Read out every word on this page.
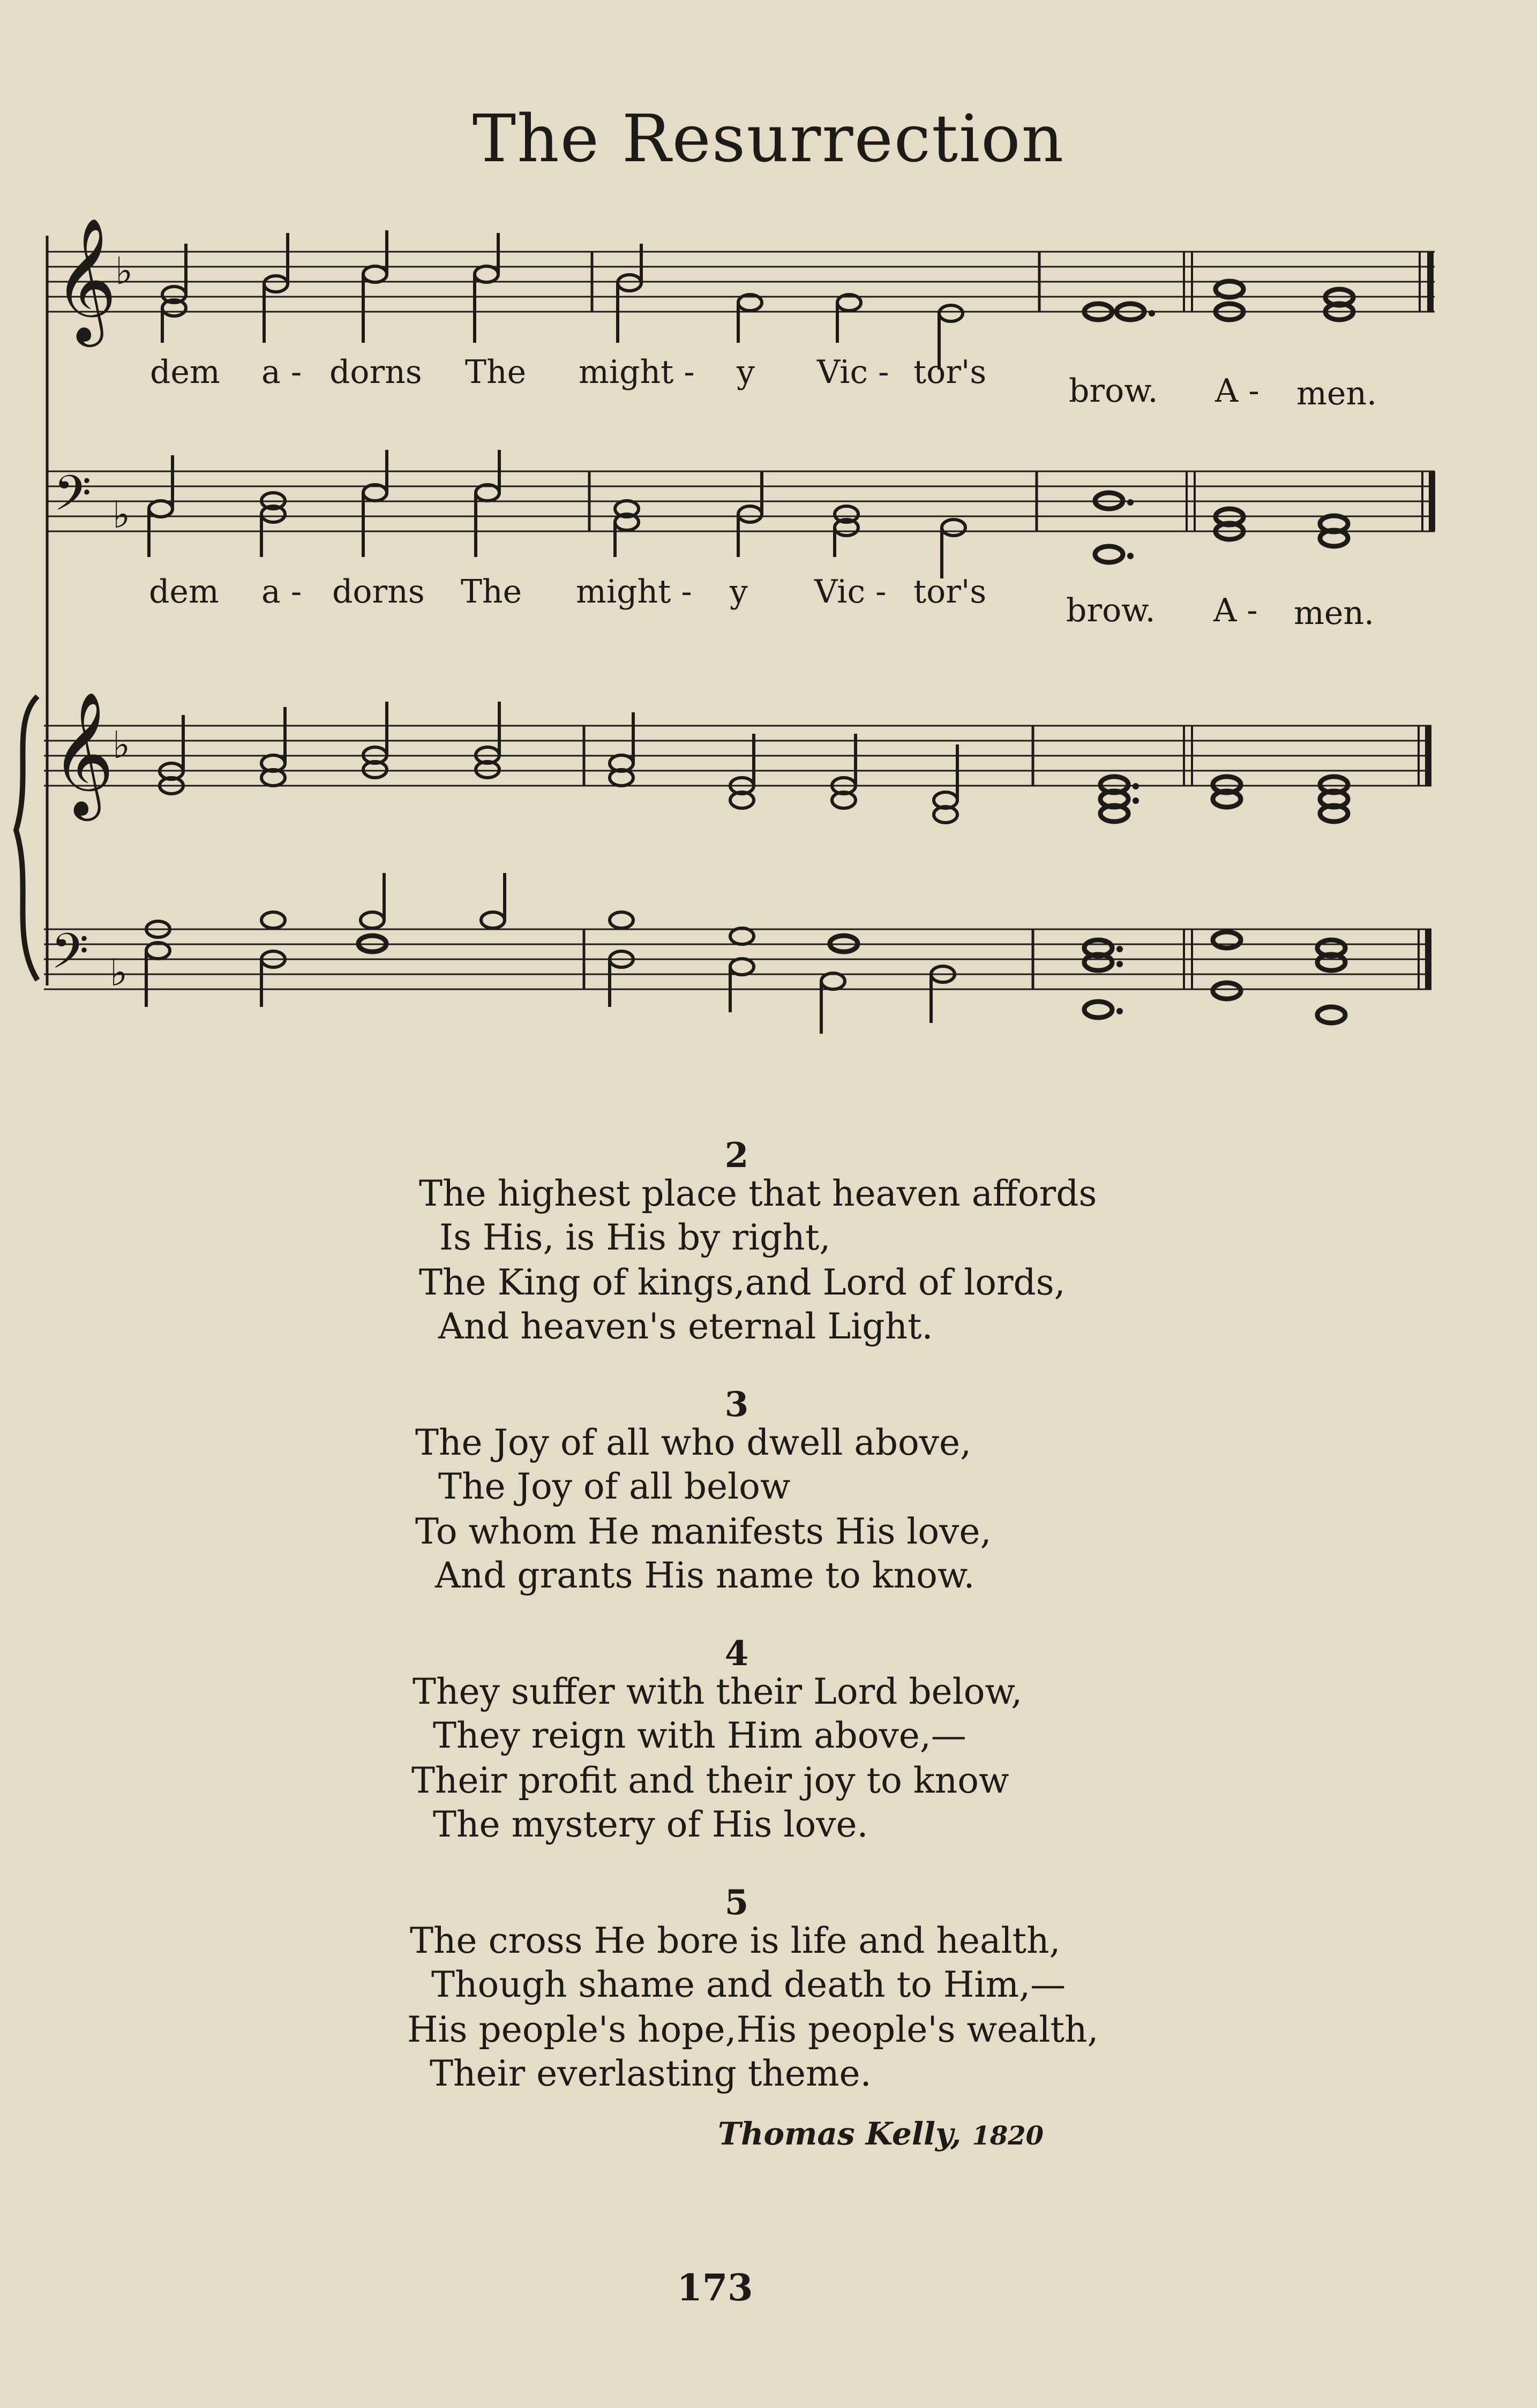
The Resurrection
𝄞
♭
𝄢 ♭
𝄞
♭
𝄢 ♭
dem a - dorns The might - y Vic - tor's	brow. A - men.
dem a - dorns The might - y Vic - tor's brow. A - men.
2
The highest place that heaven affords
Is His, is His by right,
The King of kings,and Lord of lords,
And heaven's eternal Light.
3
The Joy of all who dwell above,
The Joy of all below
To whom He manifests His love,
And grants His name to know.
4
They suffer with their Lord below,
They reign with Him above,—
Their profit and their joy to know
The mystery of His love.
5
The cross He bore is life and health,
Though shame and death to Him,—
His people's hope,His people's wealth,
Their everlasting theme.
Thomas Kelly, 1820
173
